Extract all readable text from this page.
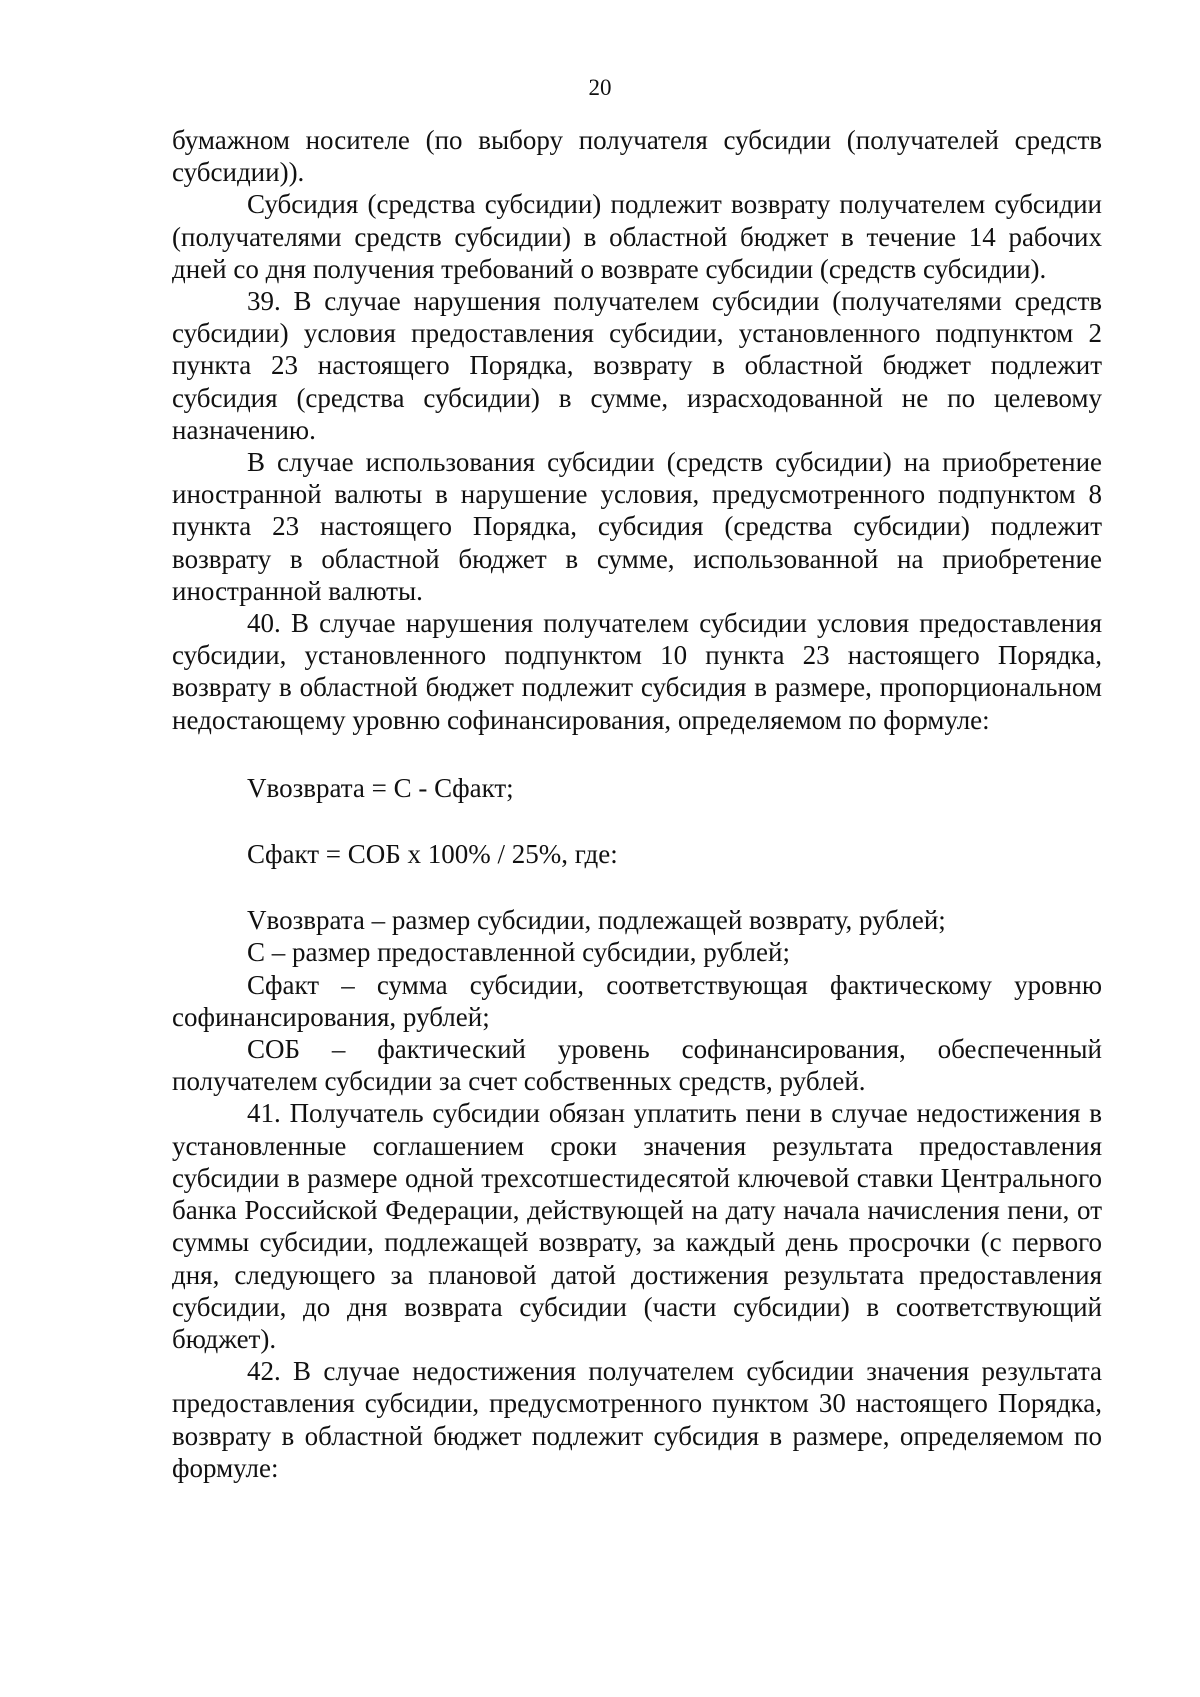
20

бумажном носителе (по выбору получателя субсидии (получателей средств субсидии)).

Субсидия (средства субсидии) подлежит возврату получателем субсидии (получателями средств субсидии) в областной бюджет в течение 14 рабочих дней со дня получения требований о возврате субсидии (средств субсидии).

39. В случае нарушения получателем субсидии (получателями средств субсидии) условия предоставления субсидии, установленного подпунктом 2 пункта 23 настоящего Порядка, возврату в областной бюджет подлежит субсидия (средства субсидии) в сумме, израсходованной не по целевому назначению.

В случае использования субсидии (средств субсидии) на приобретение иностранной валюты в нарушение условия, предусмотренного подпунктом 8 пункта 23 настоящего Порядка, субсидия (средства субсидии) подлежит возврату в областной бюджет в сумме, использованной на приобретение иностранной валюты.

40. В случае нарушения получателем субсидии условия предоставления субсидии, установленного подпунктом 10 пункта 23 настоящего Порядка, возврату в областной бюджет подлежит субсидия в размере, пропорциональном недостающему уровню софинансирования, определяемом по формуле:

Vвозврата = С - Сфакт;

Сфакт = СОБ x 100% / 25%, где:

Vвозврата – размер субсидии, подлежащей возврату, рублей;

С – размер предоставленной субсидии, рублей;

Сфакт – сумма субсидии, соответствующая фактическому уровню софинансирования, рублей;

СОБ – фактический уровень софинансирования, обеспеченный получателем субсидии за счет собственных средств, рублей.

41. Получатель субсидии обязан уплатить пени в случае недостижения в установленные соглашением сроки значения результата предоставления субсидии в размере одной трехсотшестидесятой ключевой ставки Центрального банка Российской Федерации, действующей на дату начала начисления пени, от суммы субсидии, подлежащей возврату, за каждый день просрочки (с первого дня, следующего за плановой датой достижения результата предоставления субсидии, до дня возврата субсидии (части субсидии) в соответствующий бюджет).

42. В случае недостижения получателем субсидии значения результата предоставления субсидии, предусмотренного пунктом 30 настоящего Порядка, возврату в областной бюджет подлежит субсидия в размере, определяемом по формуле:
